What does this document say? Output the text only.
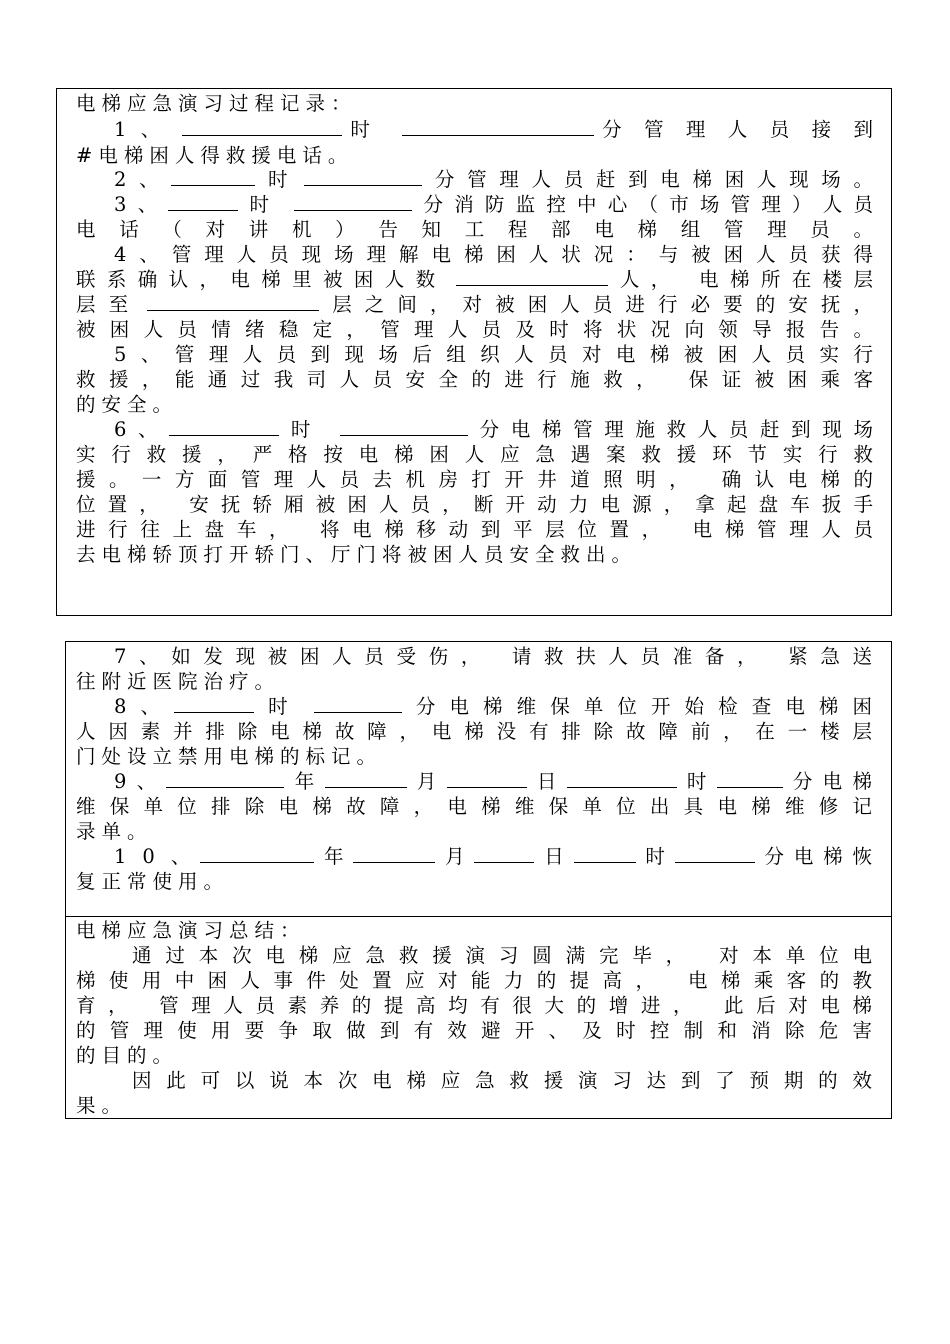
电梯应急演习过程记录：
1 、	时	分 管 理 人 员 接 到
#电梯困人得救援电话。
2、	时	分管理人员赶到电梯困人现场。
3、	时	分消防监控中心（市场管理）人员
电话（对讲机）告知工程部电梯组管理员。
4、管理人员现场理解电梯困人状况：与被困人员获得
联系确认，电梯里被困人数	人， 电梯所在楼层
层至	层之间，对被困人员进行必要的安抚，
被困人员情绪稳定，管理人员及时将状况向领导报告。
5、管理人员到现场后组织人员对电梯被困人员实行
救援，能通过我司人员安全的进行施救， 保证被困乘客
的安全。
6、	时	分电梯管理施救人员赶到现场
实行救援，严格按电梯困人应急遇案救援环节实行救
援。一方面管理人员去机房打开井道照明， 确认电梯的
位置， 安抚轿厢被困人员，断开动力电源，拿起盘车扳手
进行往上盘车， 将电梯移动到平层位置， 电梯管理人员
去电梯轿顶打开轿门、厅门将被困人员安全救出。
7、如发现被困人员受伤， 请救扶人员准备， 紧急送
往附近医院治疗。
8、	时	分电梯维保单位开始检查电梯困
人因素并排除电梯故障，电梯没有排除故障前，在一楼层
门处设立禁用电梯的标记。
9、	年	月	日	时	分电梯
维保单位排除电梯故障，电梯维保单位出具电梯维修记
录单。
1 0 、	年	月	日	时	分电梯恢
复正常使用。
电梯应急演习总结：
通过本次电梯应急救援演习圆满完毕， 对本单位电
梯使用中困人事件处置应对能力的提高， 电梯乘客的教
育， 管理人员素养的提高均有很大的增进， 此后对电梯
的管理使用要争取做到有效避开、及时控制和消除危害
的目的。
因此可以说本次电梯应急救援演习达到了预期的效
果。
